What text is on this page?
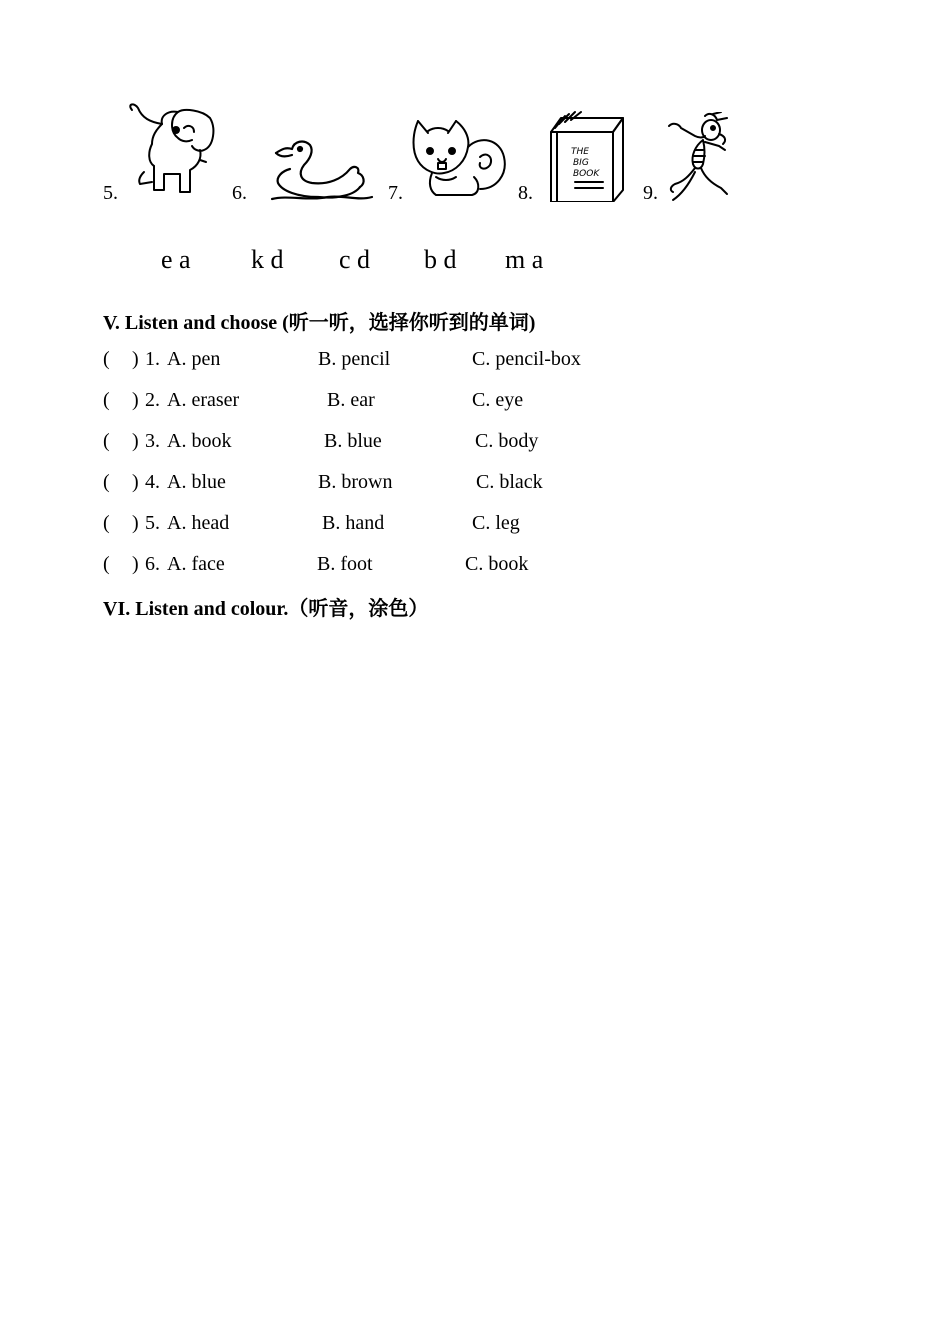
5.	6.	7.	8.
THE
BIG
BOOK
9.
e a k d c d b d m a
V. Listen and choose (听一听，选择你听到的单词)
( ) 1. A. pen	B. pencil	C. pencil-box
( ) 2. A. eraser	B. ear	C. eye
( ) 3. A. book	B. blue	C. body
( ) 4. A. blue	B. brown	C. black
( ) 5. A. head	B. hand	C. leg
( ) 6. A. face	B. foot	C. book
VI. Listen and colour.（听音，涂色）
